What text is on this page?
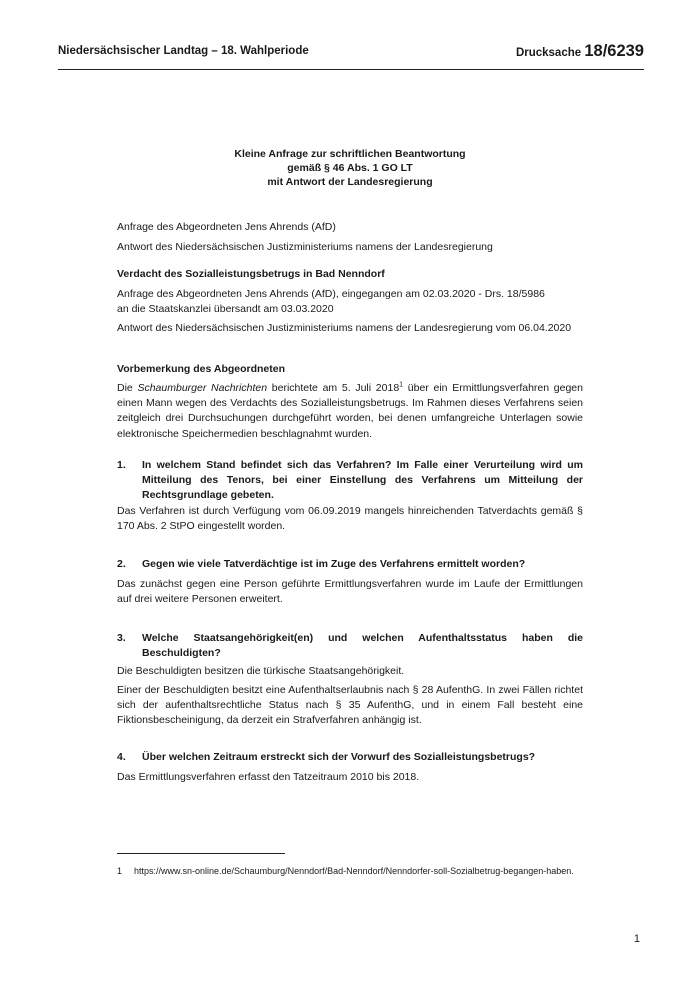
Niedersächsischer Landtag – 18. Wahlperiode	Drucksache 18/6239
Kleine Anfrage zur schriftlichen Beantwortung
gemäß § 46 Abs. 1 GO LT
mit Antwort der Landesregierung

Anfrage des Abgeordneten Jens Ahrends (AfD)

Antwort des Niedersächsischen Justizministeriums namens der Landesregierung

Verdacht des Sozialleistungsbetrugs in Bad Nenndorf

Anfrage des Abgeordneten Jens Ahrends (AfD), eingegangen am 02.03.2020 - Drs. 18/5986
an die Staatskanzlei übersandt am 03.03.2020

Antwort des Niedersächsischen Justizministeriums namens der Landesregierung vom 06.04.2020

Vorbemerkung des Abgeordneten

Die Schaumburger Nachrichten berichtete am 5. Juli 2018$^1$ über ein Ermittlungsverfahren gegen einen Mann wegen des Verdachts des Sozialleistungsbetrugs. Im Rahmen dieses Verfahrens seien zeitgleich drei Durchsuchungen durchgeführt worden, bei denen umfangreiche Unterlagen sowie elektronische Speichermedien beschlagnahmt wurden.

1. In welchem Stand befindet sich das Verfahren? Im Falle einer Verurteilung wird um Mitteilung des Tenors, bei einer Einstellung des Verfahrens um Mitteilung der Rechtsgrundlage gebeten.

Das Verfahren ist durch Verfügung vom 06.09.2019 mangels hinreichenden Tatverdachts gemäß § 170 Abs. 2 StPO eingestellt worden.

2. Gegen wie viele Tatverdächtige ist im Zuge des Verfahrens ermittelt worden?

Das zunächst gegen eine Person geführte Ermittlungsverfahren wurde im Laufe der Ermittlungen auf drei weitere Personen erweitert.

3. Welche Staatsangehörigkeit(en) und welchen Aufenthaltsstatus haben die Beschuldigten?

Die Beschuldigten besitzen die türkische Staatsangehörigkeit.

Einer der Beschuldigten besitzt eine Aufenthaltserlaubnis nach § 28 AufenthG. In zwei Fällen richtet sich der aufenthaltsrechtliche Status nach § 35 AufenthG, und in einem Fall besteht eine Fiktionsbescheinigung, da derzeit ein Strafverfahren anhängig ist.

4. Über welchen Zeitraum erstreckt sich der Vorwurf des Sozialleistungsbetrugs?

Das Ermittlungsverfahren erfasst den Tatzeitraum 2010 bis 2018.

1 https://www.sn-online.de/Schaumburg/Nenndorf/Bad-Nenndorf/Nenndorfer-soll-Sozialbetrug-begangen-haben.
1
